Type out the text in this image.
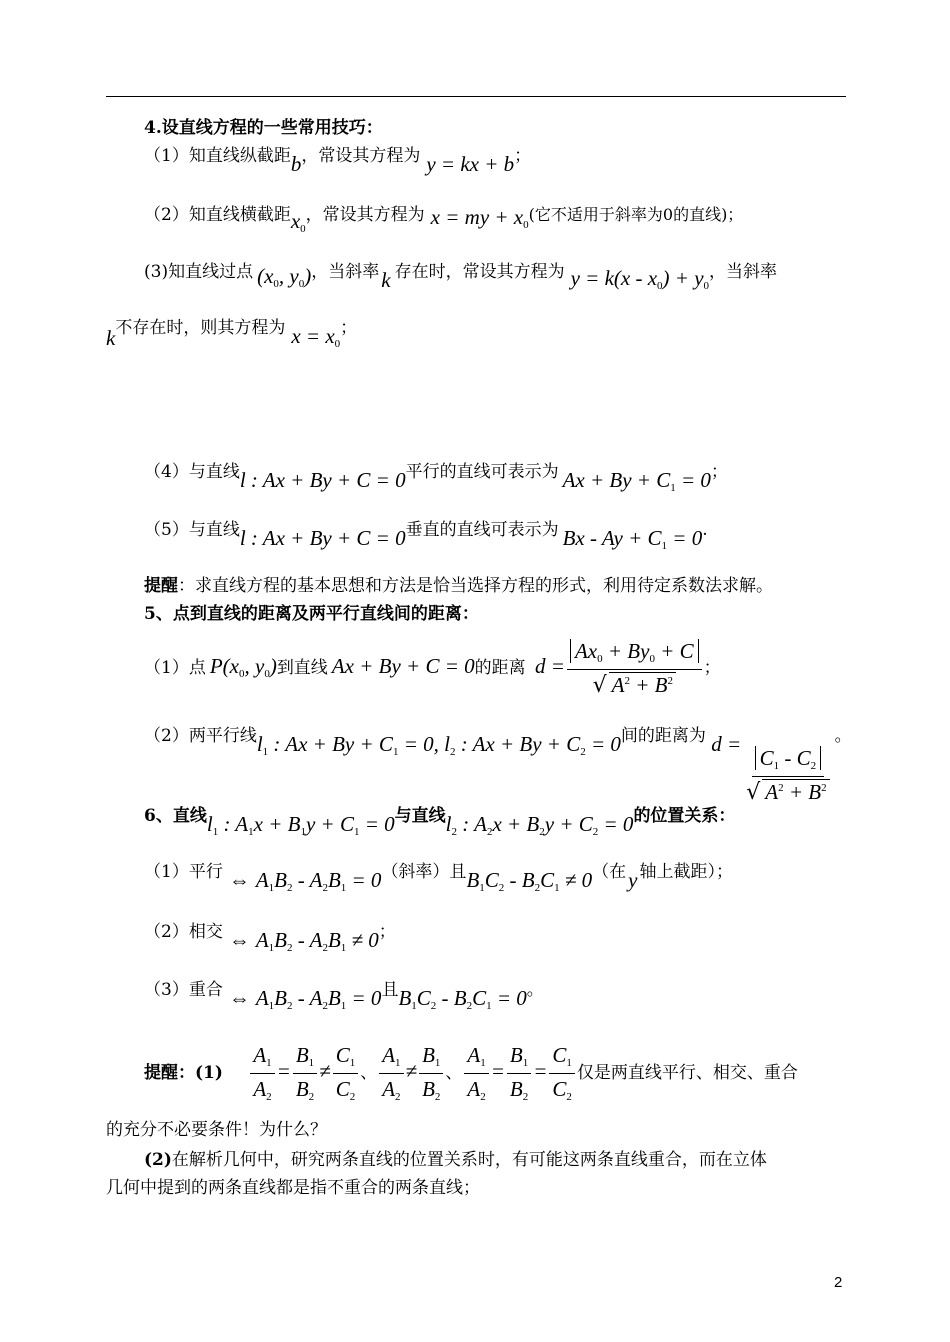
4.设直线方程的一些常用技巧：
（1）知直线纵截距b，常设其方程为 y = kx + b；
（2）知直线横截距$x_0$，常设其方程为 x = my + $x_0$(它不适用于斜率为0的直线)；
(3)知直线过点 ($x_0$, $y_0$)，当斜率k 存在时，常设其方程为 $y = k(x - x_0) + y_0$，当斜率
k不存在时，则其方程为 $x = x_0$；
（4）与直线l : Ax + By + C = 0平行的直线可表示为 $Ax + By + C_1 = 0$；
（5）与直线l : Ax + By + C = 0垂直的直线可表示为 $Bx - Ay + C_1 = 0$.
提醒：求直线方程的基本思想和方法是恰当选择方程的形式，利用待定系数法求解。
5、点到直线的距离及两平行直线间的距离：
（1）点 $P(x_0$, $y_0$)到直线 Ax + By + C = 0的距离 $d = \frac{Ax_0 + By_0 + C}{√ A^2 + B^2}$ ；
（2）两平行线$l_1$ : $Ax + By + C_1 = 0$, $l_2$ : $Ax + By + C_2 = 0$间的距离为 d =
$\frac{C_1 - C_2}{√ A^2 + B^2}$
。
6、直线$l_1$ : $A_1x + B_1y + C_1 = 0$与直线$l_2$ : $A_2x + B_2y + C_2 = 0$的位置关系：
（1）平行 ⇔ $A_1B_2 - A_2B_1 = 0$（斜率）且$B_1C_2 - B_2C_1 \ne 0$（在y 轴上截距）；
（2）相交 ⇔ $A_1B_2 - A_2B_1 \ne 0$；
（3）重合 ⇔ $A_1B_2 - A_2B_1 = 0$且$B_1C_2 - B_2C_1 = 0$。
提醒：$(1) \frac{A_1}{A_2} = \frac{B_1}{B_2} \ne \frac{C_1}{C_2}$ 、 $\frac{A_1}{A_2} \ne \frac{B_1}{B_2}$ 、 $\frac{A_1}{A_2} = \frac{B_1}{B_2} = \frac{C_1}{C_2}$ 仅是两直线平行、相交、重合
的充分不必要条件！为什么？
(2)在解析几何中，研究两条直线的位置关系时，有可能这两条直线重合，而在立体
几何中提到的两条直线都是指不重合的两条直线；
2
